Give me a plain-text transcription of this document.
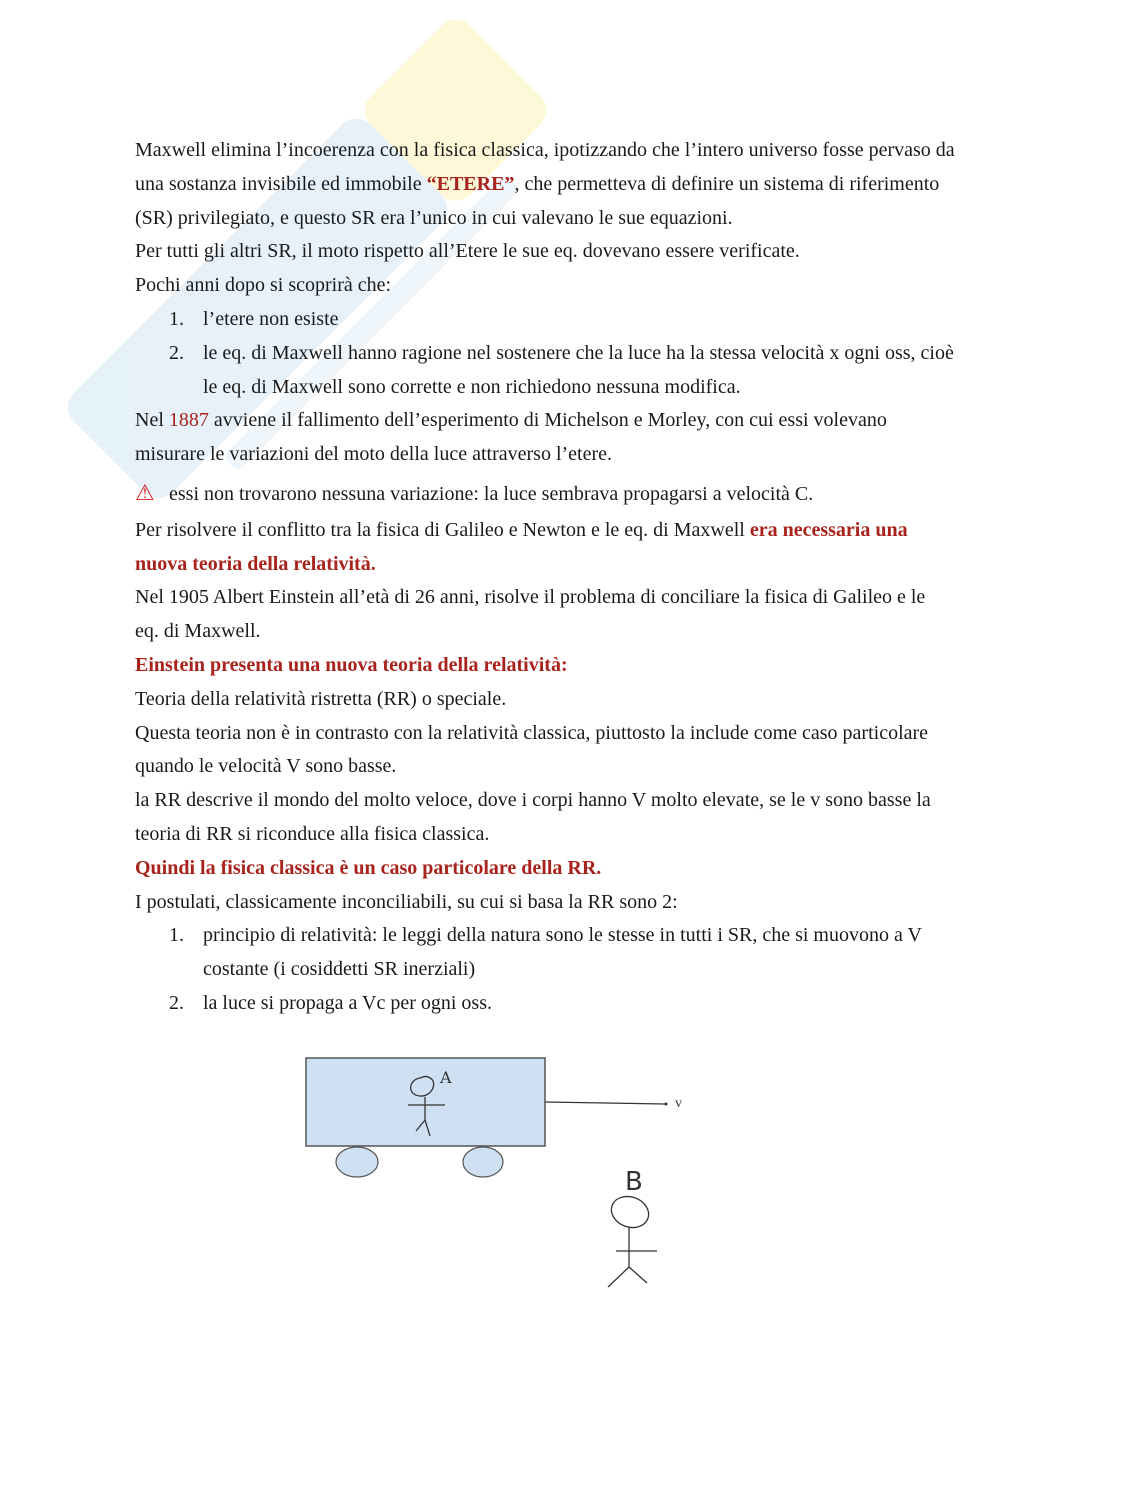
Maxwell elimina l’incoerenza con la fisica classica, ipotizzando che l’intero universo fosse pervaso da
una sostanza invisibile ed immobile “ETERE”, che permetteva di definire un sistema di riferimento
(SR) privilegiato, e questo SR era l’unico in cui valevano le sue equazioni.
Per tutti gli altri SR, il moto rispetto all’Etere le sue eq. dovevano essere verificate.
Pochi anni dopo si scoprirà che:
1. l’etere non esiste
2. le eq. di Maxwell hanno ragione nel sostenere che la luce ha la stessa velocità x ogni oss, cioè
le eq. di Maxwell sono corrette e non richiedono nessuna modifica.
Nel 1887 avviene il fallimento dell’esperimento di Michelson e Morley, con cui essi volevano
misurare le variazioni del moto della luce attraverso l’etere.
⚠ essi non trovarono nessuna variazione: la luce sembrava propagarsi a velocità C.
Per risolvere il conflitto tra la fisica di Galileo e Newton e le eq. di Maxwell era necessaria una
nuova teoria della relatività.
Nel 1905 Albert Einstein all’età di 26 anni, risolve il problema di conciliare la fisica di Galileo e le
eq. di Maxwell.
Einstein presenta una nuova teoria della relatività:
Teoria della relatività ristretta (RR) o speciale.
Questa teoria non è in contrasto con la relatività classica, piuttosto la include come caso particolare
quando le velocità V sono basse.
la RR descrive il mondo del molto veloce, dove i corpi hanno V molto elevate, se le v sono basse la
teoria di RR si riconduce alla fisica classica.
Quindi la fisica classica è un caso particolare della RR.
I postulati, classicamente inconciliabili, su cui si basa la RR sono 2:
1. principio di relatività: le leggi della natura sono le stesse in tutti i SR, che si muovono a V
costante (i cosiddetti SR inerziali)
2. la luce si propaga a Vc per ogni oss.
A
v
B
